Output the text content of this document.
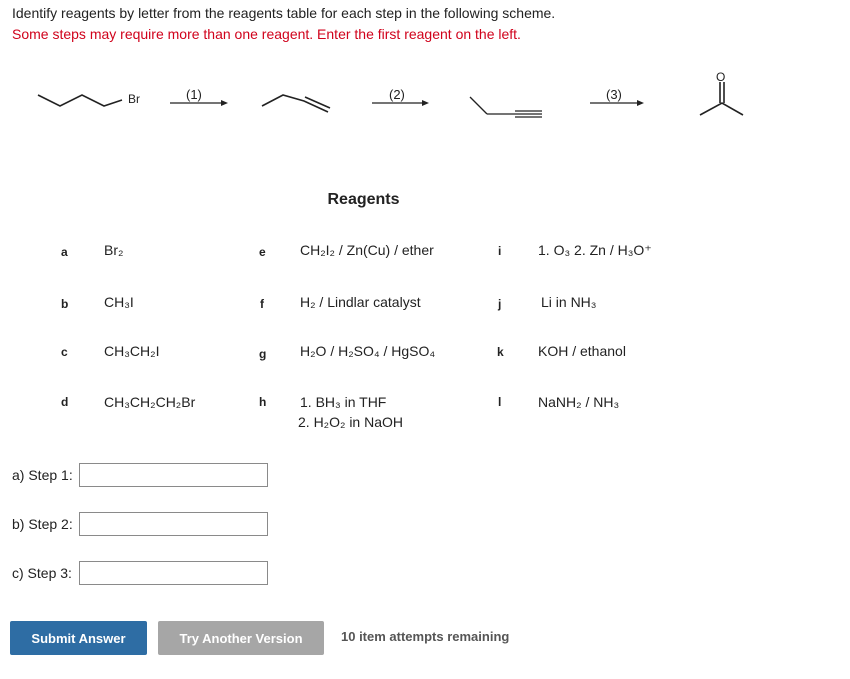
Identify reagents by letter from the reagents table for each step in the following scheme.
Some steps may require more than one reagent. Enter the first reagent on the left.
Br	(1)	(2)	(3)
O
Reagents
a	Br₂
b	CH₃I
c	CH₃CH₂I
d	CH₃CH₂CH₂Br
e CH₂I₂ / Zn(Cu) / ether
f	H₂ / Lindlar catalyst
g H₂O / H₂SO₄ / HgSO₄
h 1. BH₃ in THF
2. H₂O₂ in NaOH
i	1. O₃ 2. Zn / H₃O⁺
j	Li in NH₃
k KOH / ethanol
l	NaNH₂ / NH₃
a) Step 1:
b) Step 2:
c) Step 3:
Submit Answer	Try Another Version	10 item attempts remaining
